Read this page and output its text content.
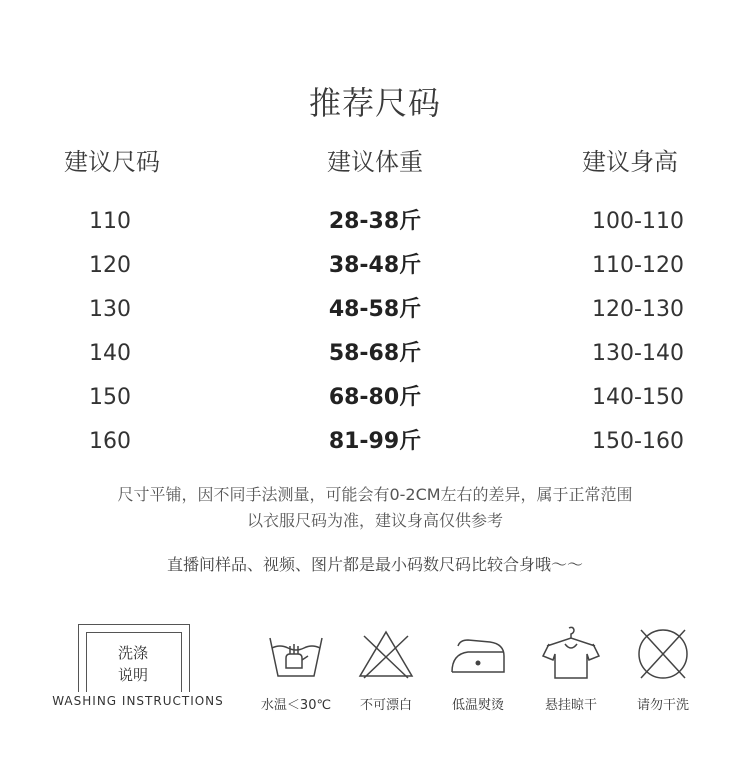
推荐尺码
建议尺码	建议体重	建议身高
110	28-38斤	100-110
120	38-48斤	110-120
130	48-58斤	120-130
140	58-68斤	130-140
150	68-80斤	140-150
160	81-99斤	150-160
尺寸平铺，因不同手法测量，可能会有0-2CM左右的差异，属于正常范围
以衣服尺码为准，建议身高仅供参考
直播间样品、视频、图片都是最小码数尺码比较合身哦～～
洗涤
说明
WASHING INSTRUCTIONS	水温＜30℃	不可漂白	低温熨烫	悬挂晾干	请勿干洗
